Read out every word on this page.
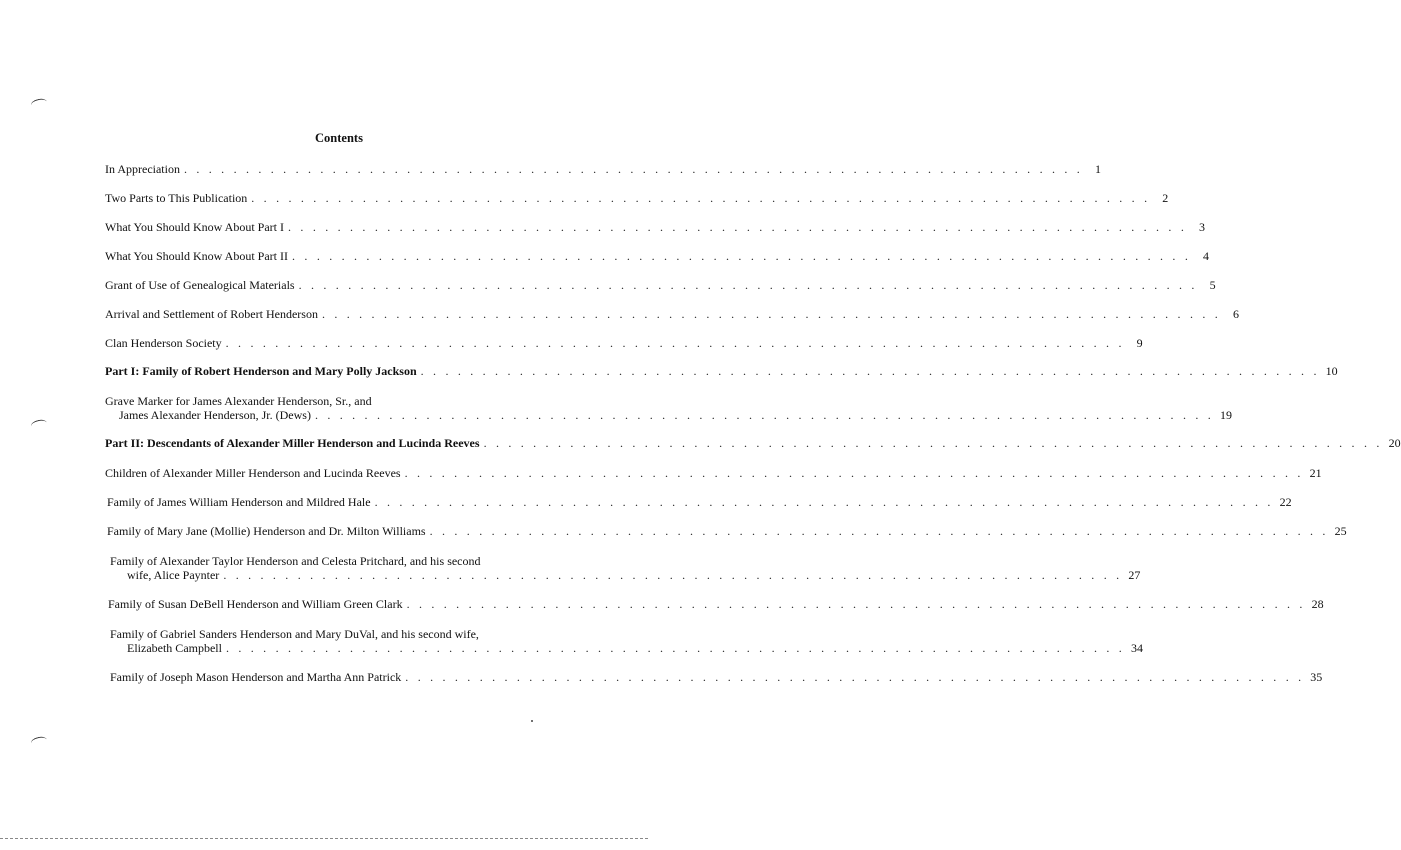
Contents
In Appreciation . . . . . . . . . . . . . . . . . . . . . . . . . . . . . . . . . . . . . . . . . . . . . . . . . . . . . . . . . . . . . . . . . . . . . . . . .	1
Two Parts to This Publication . . . . . . . . . . . . . . . . . . . . . . . . . . . . . . . . . . . . . . . . . . . . . . . . . . . . . . . . . . . . . . . . . . . . . . . . .	2
What You Should Know About Part I . . . . . . . . . . . . . . . . . . . . . . . . . . . . . . . . . . . . . . . . . . . . . . . . . . . . . . . . . . . . . . . . . . . . . . . . .	3
What You Should Know About Part II . . . . . . . . . . . . . . . . . . . . . . . . . . . . . . . . . . . . . . . . . . . . . . . . . . . . . . . . . . . . . . . . . . . . . . . . .	4
Grant of Use of Genealogical Materials . . . . . . . . . . . . . . . . . . . . . . . . . . . . . . . . . . . . . . . . . . . . . . . . . . . . . . . . . . . . . . . . . . . . . . . . .	5
Arrival and Settlement of Robert Henderson . . . . . . . . . . . . . . . . . . . . . . . . . . . . . . . . . . . . . . . . . . . . . . . . . . . . . . . . . . . . . . . . . . . . . . . . .	6
Clan Henderson Society . . . . . . . . . . . . . . . . . . . . . . . . . . . . . . . . . . . . . . . . . . . . . . . . . . . . . . . . . . . . . . . . . . . . . . . . .	9
Part I: Family of Robert Henderson and Mary Polly Jackson . . . . . . . . . . . . . . . . . . . . . . . . . . . . . . . . . . . . . . . . . . . . . . . . . . . . . . . . . . . . . . . . . . . . . . . . . 10
Grave Marker for James Alexander Henderson, Sr., and
James Alexander Henderson, Jr. (Dews) . . . . . . . . . . . . . . . . . . . . . . . . . . . . . . . . . . . . . . . . . . . . . . . . . . . . . . . . . . . . . . . . . . . . . . . . . 19
Part II: Descendants of Alexander Miller Henderson and Lucinda Reeves . . . . . . . . . . . . . . . . . . . . . . . . . . . . . . . . . . . . . . . . . . . . . . . . . . . . . . . . . . . . . . . . . . . . . . . . . 20
Children of Alexander Miller Henderson and Lucinda Reeves . . . . . . . . . . . . . . . . . . . . . . . . . . . . . . . . . . . . . . . . . . . . . . . . . . . . . . . . . . . . . . . . . . . . . . . . . 21
Family of James William Henderson and Mildred Hale . . . . . . . . . . . . . . . . . . . . . . . . . . . . . . . . . . . . . . . . . . . . . . . . . . . . . . . . . . . . . . . . . . . . . . . . . 22
Family of Mary Jane (Mollie) Henderson and Dr. Milton Williams . . . . . . . . . . . . . . . . . . . . . . . . . . . . . . . . . . . . . . . . . . . . . . . . . . . . . . . . . . . . . . . . . . . . . . . . . 25
Family of Alexander Taylor Henderson and Celesta Pritchard, and his second
wife, Alice Paynter . . . . . . . . . . . . . . . . . . . . . . . . . . . . . . . . . . . . . . . . . . . . . . . . . . . . . . . . . . . . . . . . . . . . . . . . . 27
Family of Susan DeBell Henderson and William Green Clark . . . . . . . . . . . . . . . . . . . . . . . . . . . . . . . . . . . . . . . . . . . . . . . . . . . . . . . . . . . . . . . . . . . . . . . . . 28
Family of Gabriel Sanders Henderson and Mary DuVal, and his second wife,
Elizabeth Campbell . . . . . . . . . . . . . . . . . . . . . . . . . . . . . . . . . . . . . . . . . . . . . . . . . . . . . . . . . . . . . . . . . . . . . . . . . 34
Family of Joseph Mason Henderson and Martha Ann Patrick . . . . . . . . . . . . . . . . . . . . . . . . . . . . . . . . . . . . . . . . . . . . . . . . . . . . . . . . . . . . . . . . . . . . . . . . . 35
